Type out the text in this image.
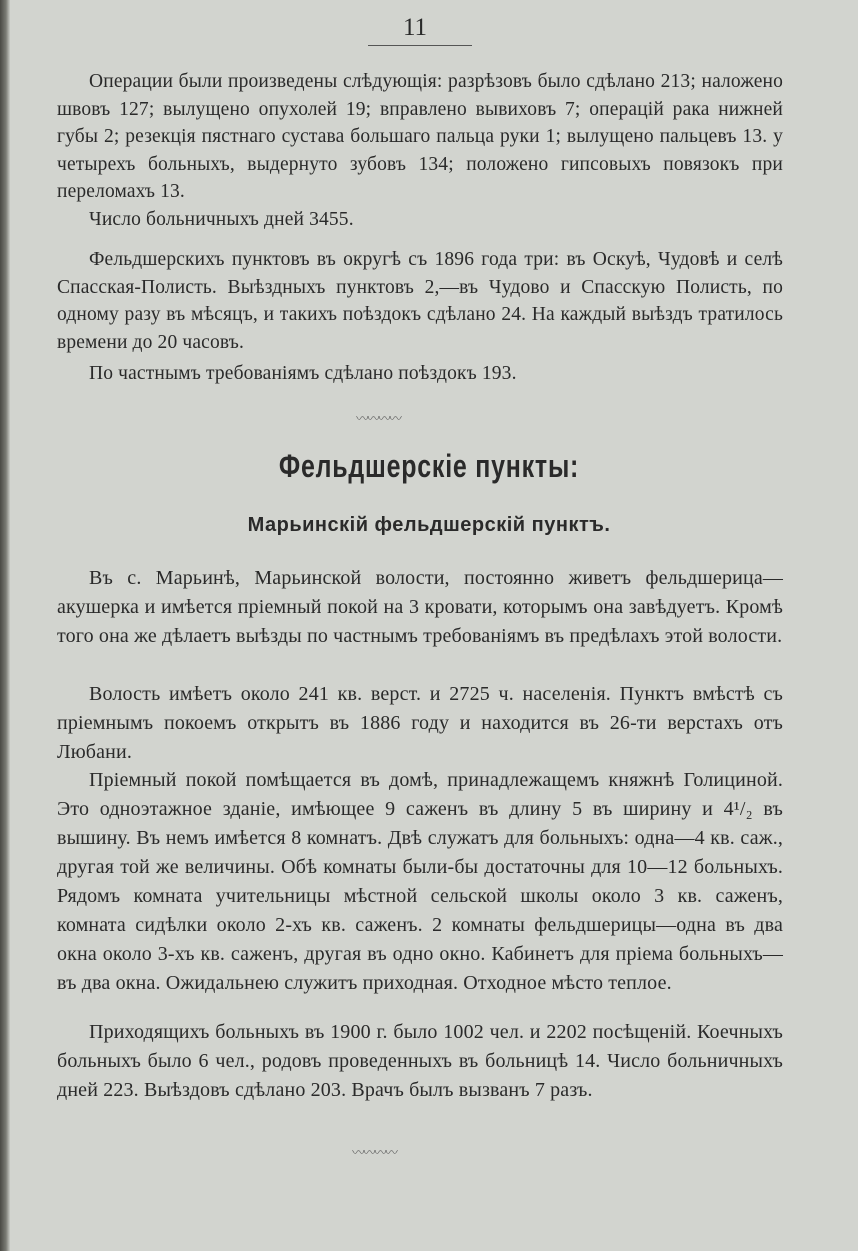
11

Операции были произведены слѣдующія: разрѣзовъ было сдѣлано 213; наложено швовъ 127; вылущено опухолей 19; вправлено вывиховъ 7; операцій рака нижней губы 2; резекція пястнаго сустава большаго пальца руки 1; вылущено пальцевъ 13. у четырехъ больныхъ, выдернуто зубовъ 134; положено гипсовыхъ повязокъ при переломахъ 13.

Число больничныхъ дней 3455.

Фельдшерскихъ пунктовъ въ округѣ съ 1896 года три: въ Оскуѣ, Чудовѣ и селѣ Спасская-Полисть. Выѣздныхъ пунктовъ 2,—въ Чудово и Спасскую Полисть, по одному разу въ мѣсяцъ, и такихъ поѣздокъ сдѣлано 24. На каждый выѣздъ тратилось времени до 20 часовъ.

По частнымъ требованіямъ сдѣлано поѣздокъ 193.

〰〰〰〰
Фельдшерскіе пункты:
Марьинскій фельдшерскій пунктъ.

Въ с. Марьинѣ, Марьинской волости, постоянно живетъ фельдшерица—акушерка и имѣется пріемный покой на 3 кровати, которымъ она завѣдуетъ. Кромѣ того она же дѣлаетъ выѣзды по частнымъ требованіямъ въ предѣлахъ этой волости.

Волость имѣетъ около 241 кв. верст. и 2725 ч. населенія. Пунктъ вмѣстѣ съ пріемнымъ покоемъ открытъ въ 1886 году и находится въ 26-ти верстахъ отъ Любани.

Пріемный покой помѣщается въ домѣ, принадлежащемъ княжнѣ Голициной. Это одноэтажное зданіе, имѣющее 9 саженъ въ длину 5 въ ширину и 4¹/₂ въ вышину. Въ немъ имѣется 8 комнатъ. Двѣ служатъ для больныхъ: одна—4 кв. саж., другая той же величины. Обѣ комнаты были-бы достаточны для 10—12 больныхъ. Рядомъ комната учительницы мѣстной сельской школы около 3 кв. саженъ, комната сидѣлки около 2-хъ кв. саженъ. 2 комнаты фельдшерицы—одна въ два окна около 3-хъ кв. саженъ, другая въ одно окно. Кабинетъ для пріема больныхъ—въ два окна. Ожидальнею служитъ приходная. Отходное мѣсто теплое.

Приходящихъ больныхъ въ 1900 г. было 1002 чел. и 2202 посѣщеній. Коечныхъ больныхъ было 6 чел., родовъ проведенныхъ въ больницѣ 14. Число больничныхъ дней 223. Выѣздовъ сдѣлано 203. Врачъ былъ вызванъ 7 разъ.

〰〰〰〰
